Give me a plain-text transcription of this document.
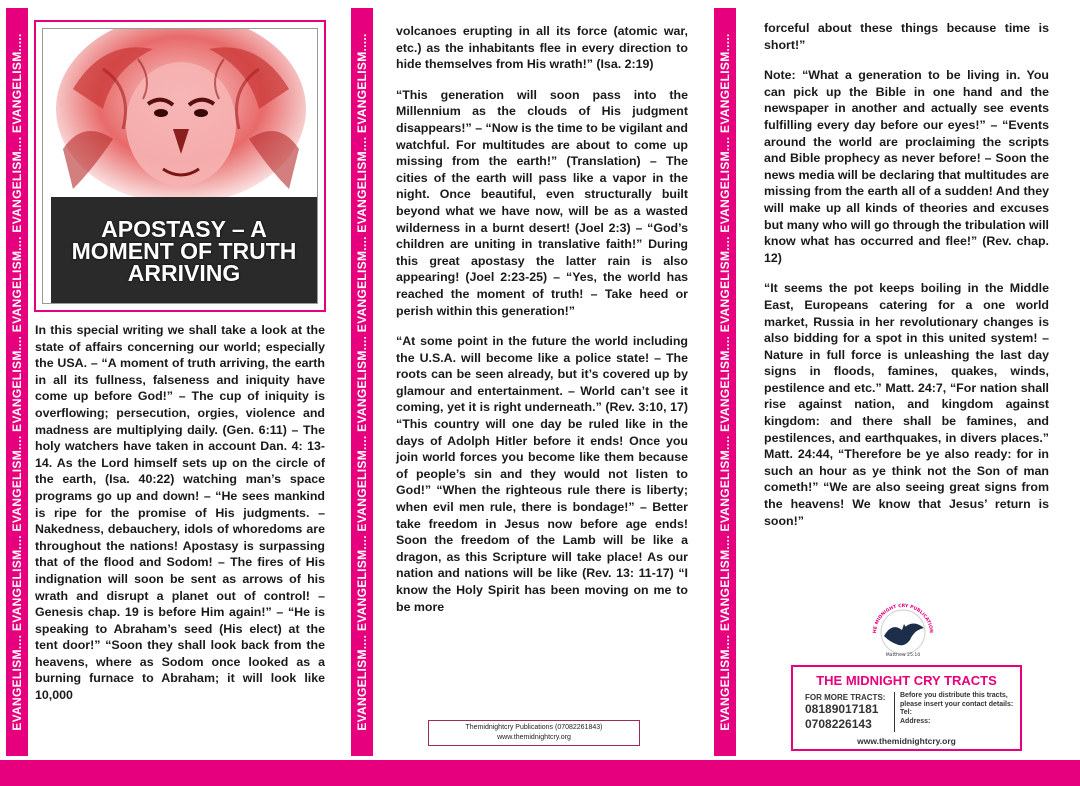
EVANGELISM.... EVANGELISM.... EVANGELISM.... EVANGELISM.... EVANGELISM.... EVANGELISM.... EVANGELISM.....	EVANGELISM.... EVANGELISM.... EVANGELISM.... EVANGELISM.... EVANGELISM.... EVANGELISM.... EVANGELISM.....	EVANGELISM.... EVANGELISM.... EVANGELISM.... EVANGELISM.... EVANGELISM.... EVANGELISM.... EVANGELISM.....
APOSTASY – A MOMENT OF TRUTH ARRIVING

In this special writing we shall take a look at the state of affairs concerning our world; especially the USA. – “A moment of truth arriving, the earth in all its fullness, falseness and iniquity have come up before God!” – The cup of iniquity is overflowing; persecution, orgies, violence and madness are multiplying daily. (Gen. 6:11) – The holy watchers have taken in account Dan. 4: 13-14. As the Lord himself sets up on the circle of the earth, (Isa. 40:22) watching man’s space programs go up and down! – “He sees mankind is ripe for the promise of His judgments. – Nakedness, debauchery, idols of whoredoms are throughout the nations! Apostasy is surpassing that of the flood and Sodom! – The fires of His indignation will soon be sent as arrows of his wrath and disrupt a planet out of control! – Genesis chap. 19 is before Him again!” – “He is speaking to Abraham’s seed (His elect) at the tent door!” “Soon they shall look back from the heavens, where as Sodom once looked as a burning furnace to Abraham; it will look like 10,000

volcanoes erupting in all its force (atomic war, etc.) as the inhabitants flee in every direction to hide themselves from His wrath!” (Isa. 2:19)

“This generation will soon pass into the Millennium as the clouds of His judgment disappears!” – “Now is the time to be vigilant and watchful. For multitudes are about to come up missing from the earth!” (Translation) – The cities of the earth will pass like a vapor in the night. Once beautiful, even structurally built beyond what we have now, will be as a wasted wilderness in a burnt desert! (Joel 2:3) – “God’s children are uniting in translative faith!” During this great apostasy the latter rain is also appearing! (Joel 2:23-25) – “Yes, the world has reached the moment of truth! – Take heed or perish within this generation!”

“At some point in the future the world including the U.S.A. will become like a police state! – The roots can be seen already, but it’s covered up by glamour and entertainment. – World can’t see it coming, yet it is right underneath.” (Rev. 3:10, 17) “This country will one day be ruled like in the days of Adolph Hitler before it ends! Once you join world forces you become like them because of people’s sin and they would not listen to God!” “When the righteous rule there is liberty; when evil men rule, there is bondage!” – Better take freedom in Jesus now before age ends! Soon the freedom of the Lamb will be like a dragon, as this Scripture will take place! As our nation and nations will be like (Rev. 13: 11-17) “I know the Holy Spirit has been moving on me to be more

Themidnightcry Publications (07082261843)
www.themidnightcry.org

forceful about these things because time is short!”

Note: “What a generation to be living in. You can pick up the Bible in one hand and the newspaper in another and actually see events fulfilling every day before our eyes!” – “Events around the world are proclaiming the scripts and Bible prophecy as never before! – Soon the news media will be declaring that multitudes are missing from the earth all of a sudden! And they will make up all kinds of theories and excuses but many who will go through the tribulation will know what has occurred and flee!” (Rev. chap. 12)

“It seems the pot keeps boiling in the Middle East, Europeans catering for a one world market, Russia in her revolutionary changes is also bidding for a spot in this united system! – Nature in full force is unleashing the last day signs in floods, famines, quakes, winds, pestilence and etc.” Matt. 24:7, “For nation shall rise against nation, and kingdom against kingdom: and there shall be famines, and pestilences, and earthquakes, in divers places.” Matt. 24:44, “Therefore be ye also ready: for in such an hour as ye think not the Son of man cometh!” “We are also seeing great signs from the heavens! We know that Jesus’ return is soon!”

HE MIDNIGHT CRY PUBLICATION
Matthew 25:10
THE MIDNIGHT CRY TRACTS
FOR MORE TRACTS:
08189017181
0708226143
Before you distribute this tracts, please insert your contact details:
Tel:
Address:
www.themidnightcry.org
